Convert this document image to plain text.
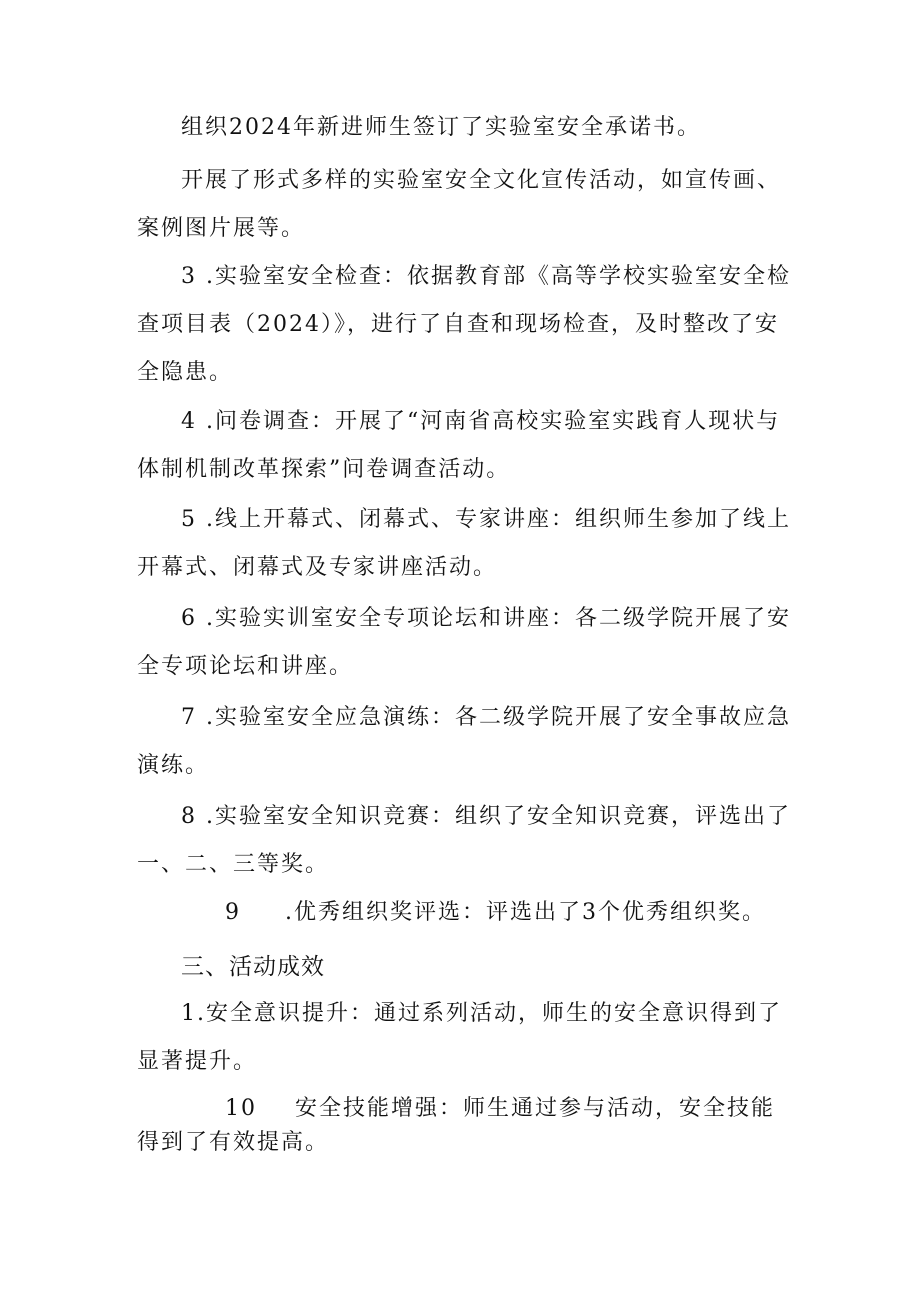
组织2024年新进师生签订了实验室安全承诺书。

开展了形式多样的实验室安全文化宣传活动，如宣传画、案例图片展等。

3 .实验室安全检查：依据教育部《高等学校实验室安全检查项目表（2024）》，进行了自查和现场检查，及时整改了安全隐患。

4 .问卷调查：开展了“河南省高校实验室实践育人现状与体制机制改革探索”问卷调查活动。

5 .线上开幕式、闭幕式、专家讲座：组织师生参加了线上开幕式、闭幕式及专家讲座活动。

6 .实验实训室安全专项论坛和讲座：各二级学院开展了安全专项论坛和讲座。

7 .实验室安全应急演练：各二级学院开展了安全事故应急演练。

8 .实验室安全知识竞赛：组织了安全知识竞赛，评选出了一、二、三等奖。

9 .优秀组织奖评选：评选出了3个优秀组织奖。

三、活动成效

1.安全意识提升：通过系列活动，师生的安全意识得到了显著提升。

10 安全技能增强：师生通过参与活动，安全技能得到了有效提高。
